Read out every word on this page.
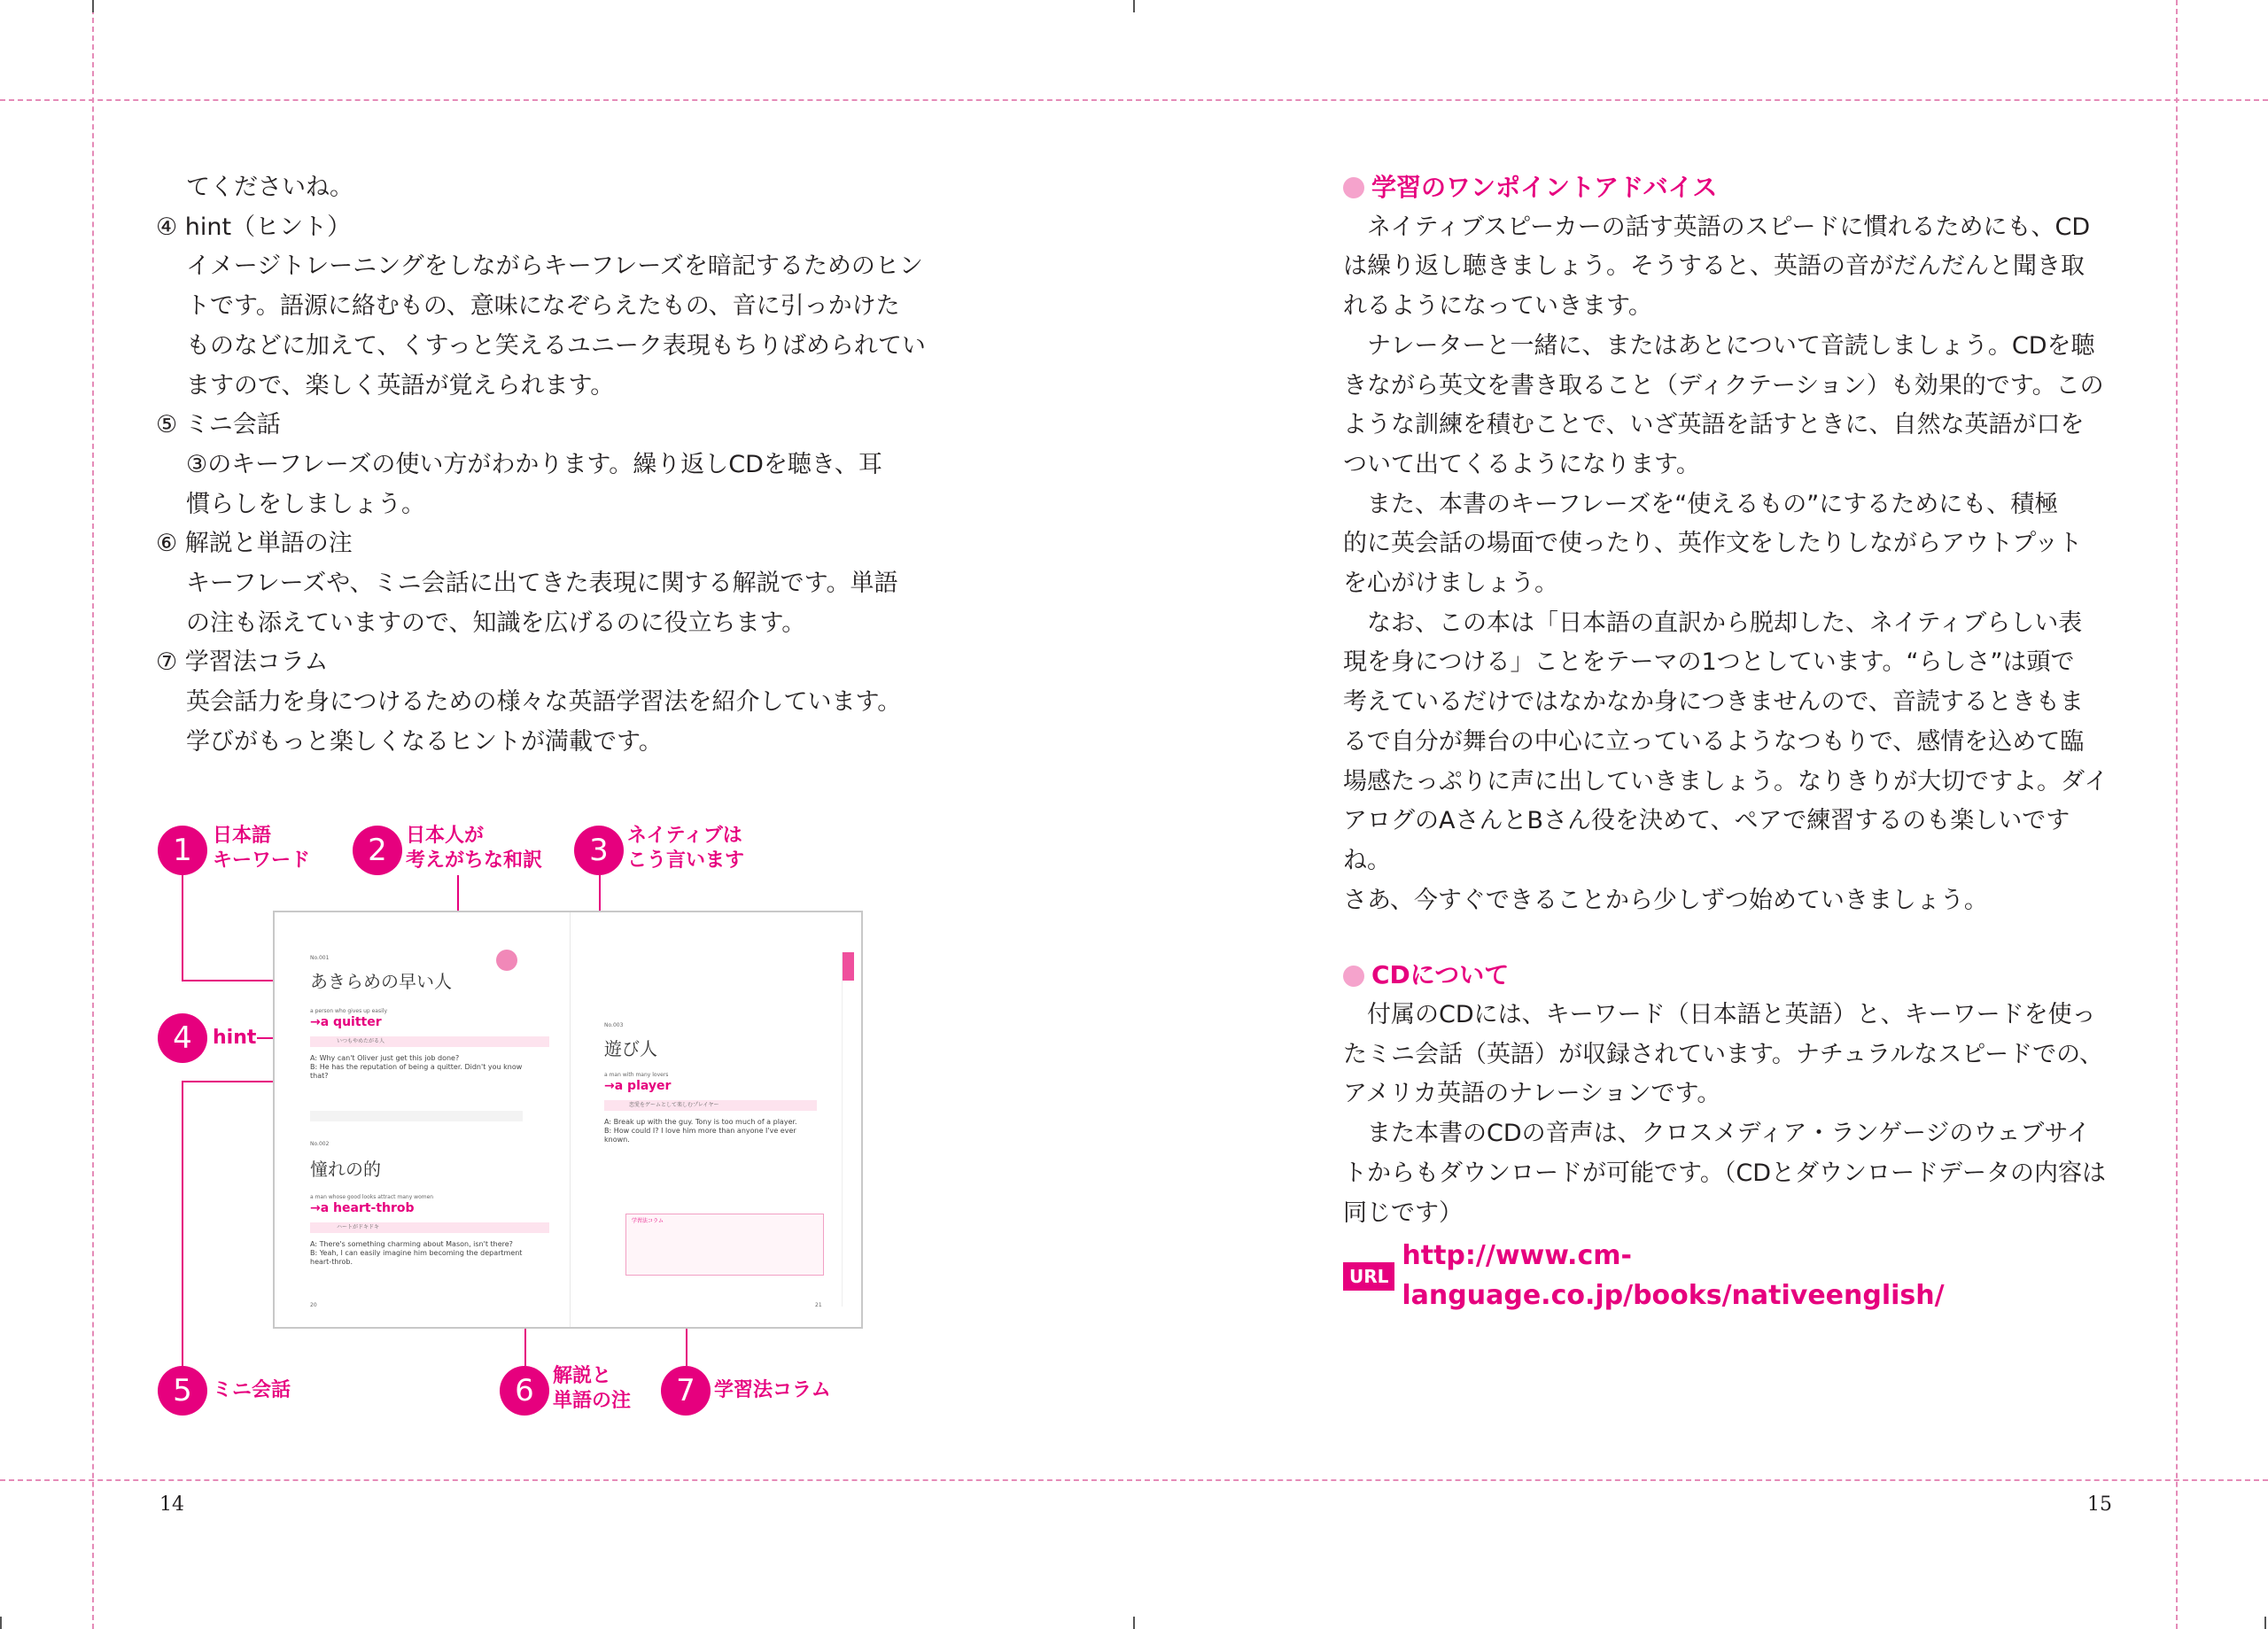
てくださいね。
④ hint（ヒント）
イメージトレーニングをしながらキーフレーズを暗記するためのヒン
トです。語源に絡むもの、意味になぞらえたもの、音に引っかけた
ものなどに加えて、くすっと笑えるユニーク表現もちりばめられてい
ますので、楽しく英語が覚えられます。
⑤ ミニ会話
③のキーフレーズの使い方がわかります。繰り返しCDを聴き、耳
慣らしをしましょう。
⑥ 解説と単語の注
キーフレーズや、ミニ会話に出てきた表現に関する解説です。単語
の注も添えていますので、知識を広げるのに役立ちます。
⑦ 学習法コラム
英会話力を身につけるための様々な英語学習法を紹介しています。
学びがもっと楽しくなるヒントが満載です。
1	日本語
キーワード	2 日本人が
考えがちな和訳	3 ネイティブは
こう言います
4	hint
5	ミニ会話	6 解説と
単語の注	7 学習法コラム
No.001
あきらめの早い人
a person who gives up easily
→a quitter
いつもやめたがる人
A: Why can't Oliver just get this job done?
B: He has the reputation of being a quitter. Didn't you know that?
No.002
憧れの的
a man whose good looks attract many women
→a heart-throb
ハートがドキドキ
A: There's something charming about Mason, isn't there?
B: Yeah, I can easily imagine him becoming the department heart-throb.
20
No.003
遊び人
a man with many lovers
→a player
恋愛をゲームとして楽しむプレイヤー
A: Break up with the guy. Tony is too much of a player.
B: How could I? I love him more than anyone I've ever known.
学習法コラム
21
14
学習のワンポイントアドバイス
ネイティブスピーカーの話す英語のスピードに慣れるためにも、CD
は繰り返し聴きましょう。そうすると、英語の音がだんだんと聞き取
れるようになっていきます。
ナレーターと一緒に、またはあとについて音読しましょう。CDを聴
きながら英文を書き取ること（ディクテーション）も効果的です。この
ような訓練を積むことで、いざ英語を話すときに、自然な英語が口を
ついて出てくるようになります。
また、本書のキーフレーズを“使えるもの”にするためにも、積極
的に英会話の場面で使ったり、英作文をしたりしながらアウトプット
を心がけましょう。
なお、この本は「日本語の直訳から脱却した、ネイティブらしい表
現を身につける」ことをテーマの1つとしています。“らしさ”は頭で
考えているだけではなかなか身につきませんので、音読するときもま
るで自分が舞台の中心に立っているようなつもりで、感情を込めて臨
場感たっぷりに声に出していきましょう。なりきりが大切ですよ。ダイ
アログのAさんとBさん役を決めて、ペアで練習するのも楽しいですね。
さあ、今すぐできることから少しずつ始めていきましょう。
CDについて
付属のCDには、キーワード（日本語と英語）と、キーワードを使っ
たミニ会話（英語）が収録されています。ナチュラルなスピードでの、
アメリカ英語のナレーションです。
また本書のCDの音声は、クロスメディア・ランゲージのウェブサイ
トからもダウンロードが可能です。（CDとダウンロードデータの内容は
同じです）
URL
http://www.cm-language.co.jp/books/nativeenglish/
15
